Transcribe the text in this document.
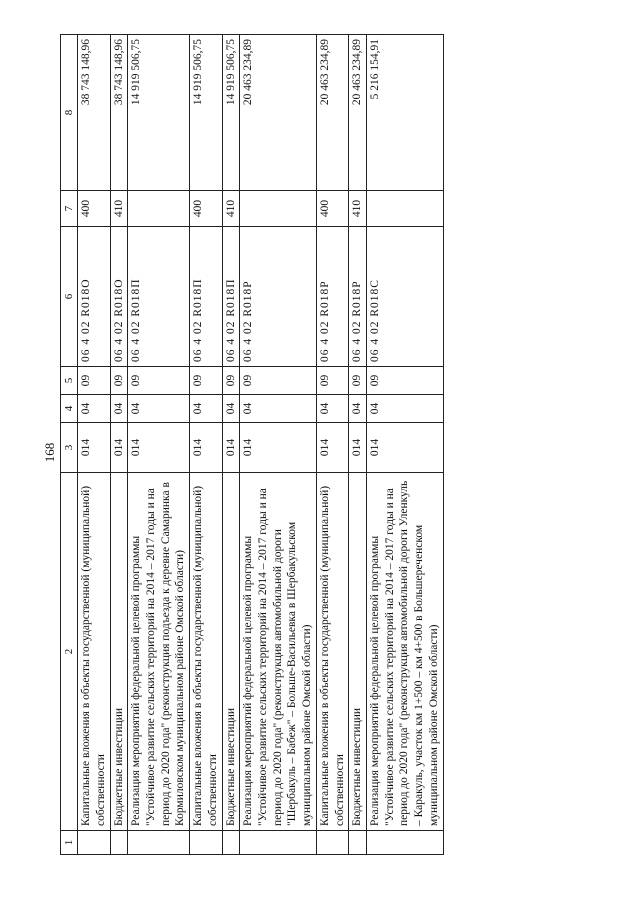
168
1	2	3	4	5	6	7	8
	Капитальные вложения в объекты государственной (муниципальной) собственности	014	04	09	06 4 02 R018O	400	38 743 148,96
	Бюджетные инвестиции	014	04	09	06 4 02 R018O	410	38 743 148,96
	Реализация мероприятий федеральной целевой программы "Устойчивое развитие сельских территорий на 2014 – 2017 годы и на период до 2020 года" (реконструкция подъезда к деревне Самаринка в Кормиловском муниципальном районе Омской области)	014	04	09	06 4 02 R018П		14 919 506,75
	Капитальные вложения в объекты государственной (муниципальной) собственности	014	04	09	06 4 02 R018П	400	14 919 506,75
	Бюджетные инвестиции	014	04	09	06 4 02 R018П	410	14 919 506,75
	Реализация мероприятий федеральной целевой программы "Устойчивое развитие сельских территорий на 2014 – 2017 годы и на период до 2020 года" (реконструкция автомобильной дороги "Шербакуль – Бабеж" – Больше-Васильевка в Шербакульском муниципальном районе Омской области)	014	04	09	06 4 02 R018P		20 463 234,89
	Капитальные вложения в объекты государственной (муниципальной) собственности	014	04	09	06 4 02 R018P	400	20 463 234,89
	Бюджетные инвестиции	014	04	09	06 4 02 R018P	410	20 463 234,89
	Реализация мероприятий федеральной целевой программы "Устойчивое развитие сельских территорий на 2014 – 2017 годы и на период до 2020 года" (реконструкция автомобильной дороги Уленкуль – Каракуль, участок км 1+500 – км 4+500 в Большереченском муниципальном районе Омской области)	014	04	09	06 4 02 R018C		5 216 154,91
